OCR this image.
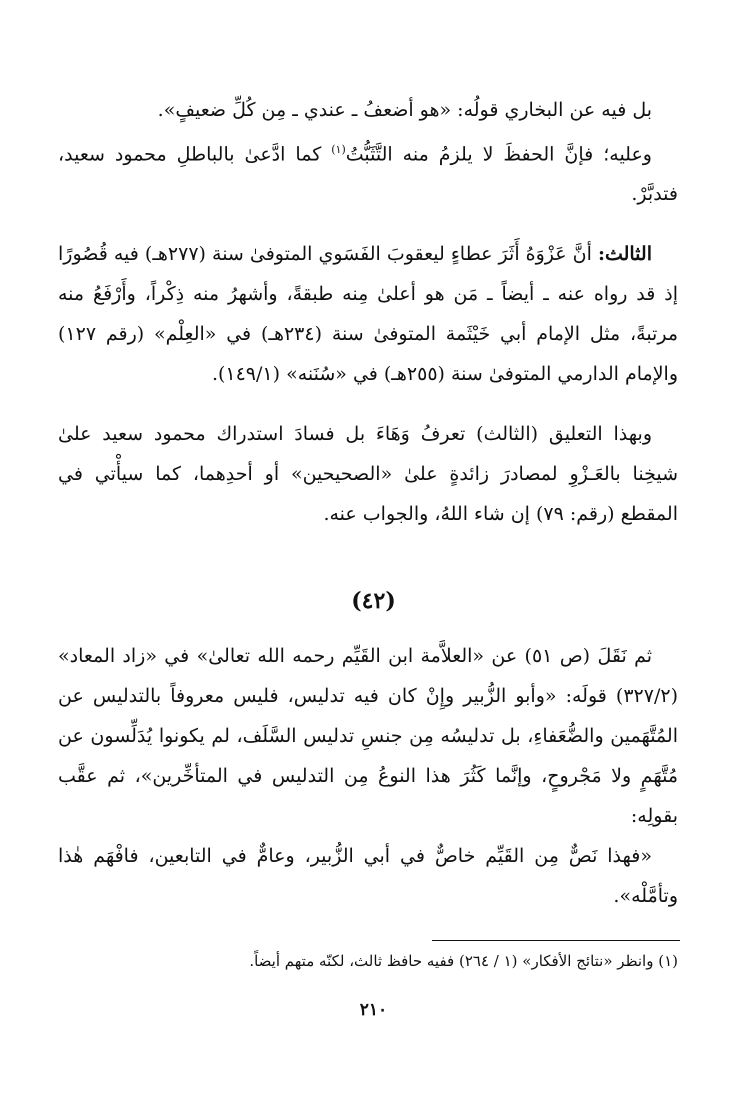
بل فيه عن البخاري قولُه: «هو أضعفُ ـ عندي ـ مِن كُلِّ ضعيفٍ».

وعليه؛ فإنَّ الحفظَ لا يلزمُ منه التَّثَبُّتُ$^{(١)}$ كما ادَّعىٰ بالباطلِ محمود سعيد، فتدبَّرْ.

الثالث: أنَّ عَزْوَهُ أَثَرَ عطاءٍ ليعقوبَ الفَسَوي المتوفىٰ سنة (٢٧٧هـ) فيه قُصُورًا إذ قد رواه عنه ـ أيضاً ـ مَن هو أعلىٰ مِنه طبقةً، وأشهرُ منه ذِكْراً، وأَرْفَعُ منه مرتبةً، مثل الإمام أبي خَيْثَمة المتوفىٰ سنة (٢٣٤هـ) في «العِلْم» (رقم ١٢٧) والإمام الدارمي المتوفىٰ سنة (٢٥٥هـ) في «سُنَنه» (١٤٩/١).

وبهذا التعليق (الثالث) تعرفُ وَهَاءَ بل فسادَ استدراك محمود سعيد علىٰ شيخِنا بالعَـزْوِ لمصادرَ زائدةٍ علىٰ «الصحيحين» أو أحدِهما، كما سيأْتي في المقطع (رقم: ٧٩) إن شاء اللهُ، والجواب عنه.

(٤٢)

ثم نَقَلَ (ص ٥١) عن «العلاَّمة ابن القَيِّم رحمه الله تعالىٰ» في «زاد المعاد» (٣٢٧/٢) قولَه: «وأبو الزُّبير وإِنْ كان فيه تدليس، فليس معروفاً بالتدليس عن المُتَّهَمين والضُّعَفاءِ، بل تدليسُه مِن جنسِ تدليس السَّلَف، لم يكونوا يُدَلِّسون عن مُتَّهَمٍ ولا مَجْروحٍ، وإنَّما كَثُرَ هذا النوعُ مِن التدليس في المتأخِّرين»، ثم عقَّب بقولِه:

«فهذا نَصٌّ مِن القَيِّم خاصٌّ في أبي الزُّبير، وعامٌّ في التابعين، فافْهَم هٰذا وتأمَّلْه».

(١) وانظر «نتائج الأفكار» (١ / ٢٦٤) ففيه حافظ ثالث، لكنّه متهم أيضاً.
٢١٠
